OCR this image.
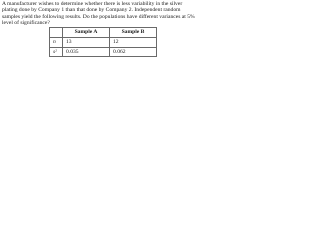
A manufacturer wishes to determine whether there is less variability in the silver plating done by Company 1 than that done by Company 2. Independent random samples yield the following results. Do the populations have different variances at 5% level of significance?

	Sample A	Sample B
n	13	12
s²	0.035	0.062
